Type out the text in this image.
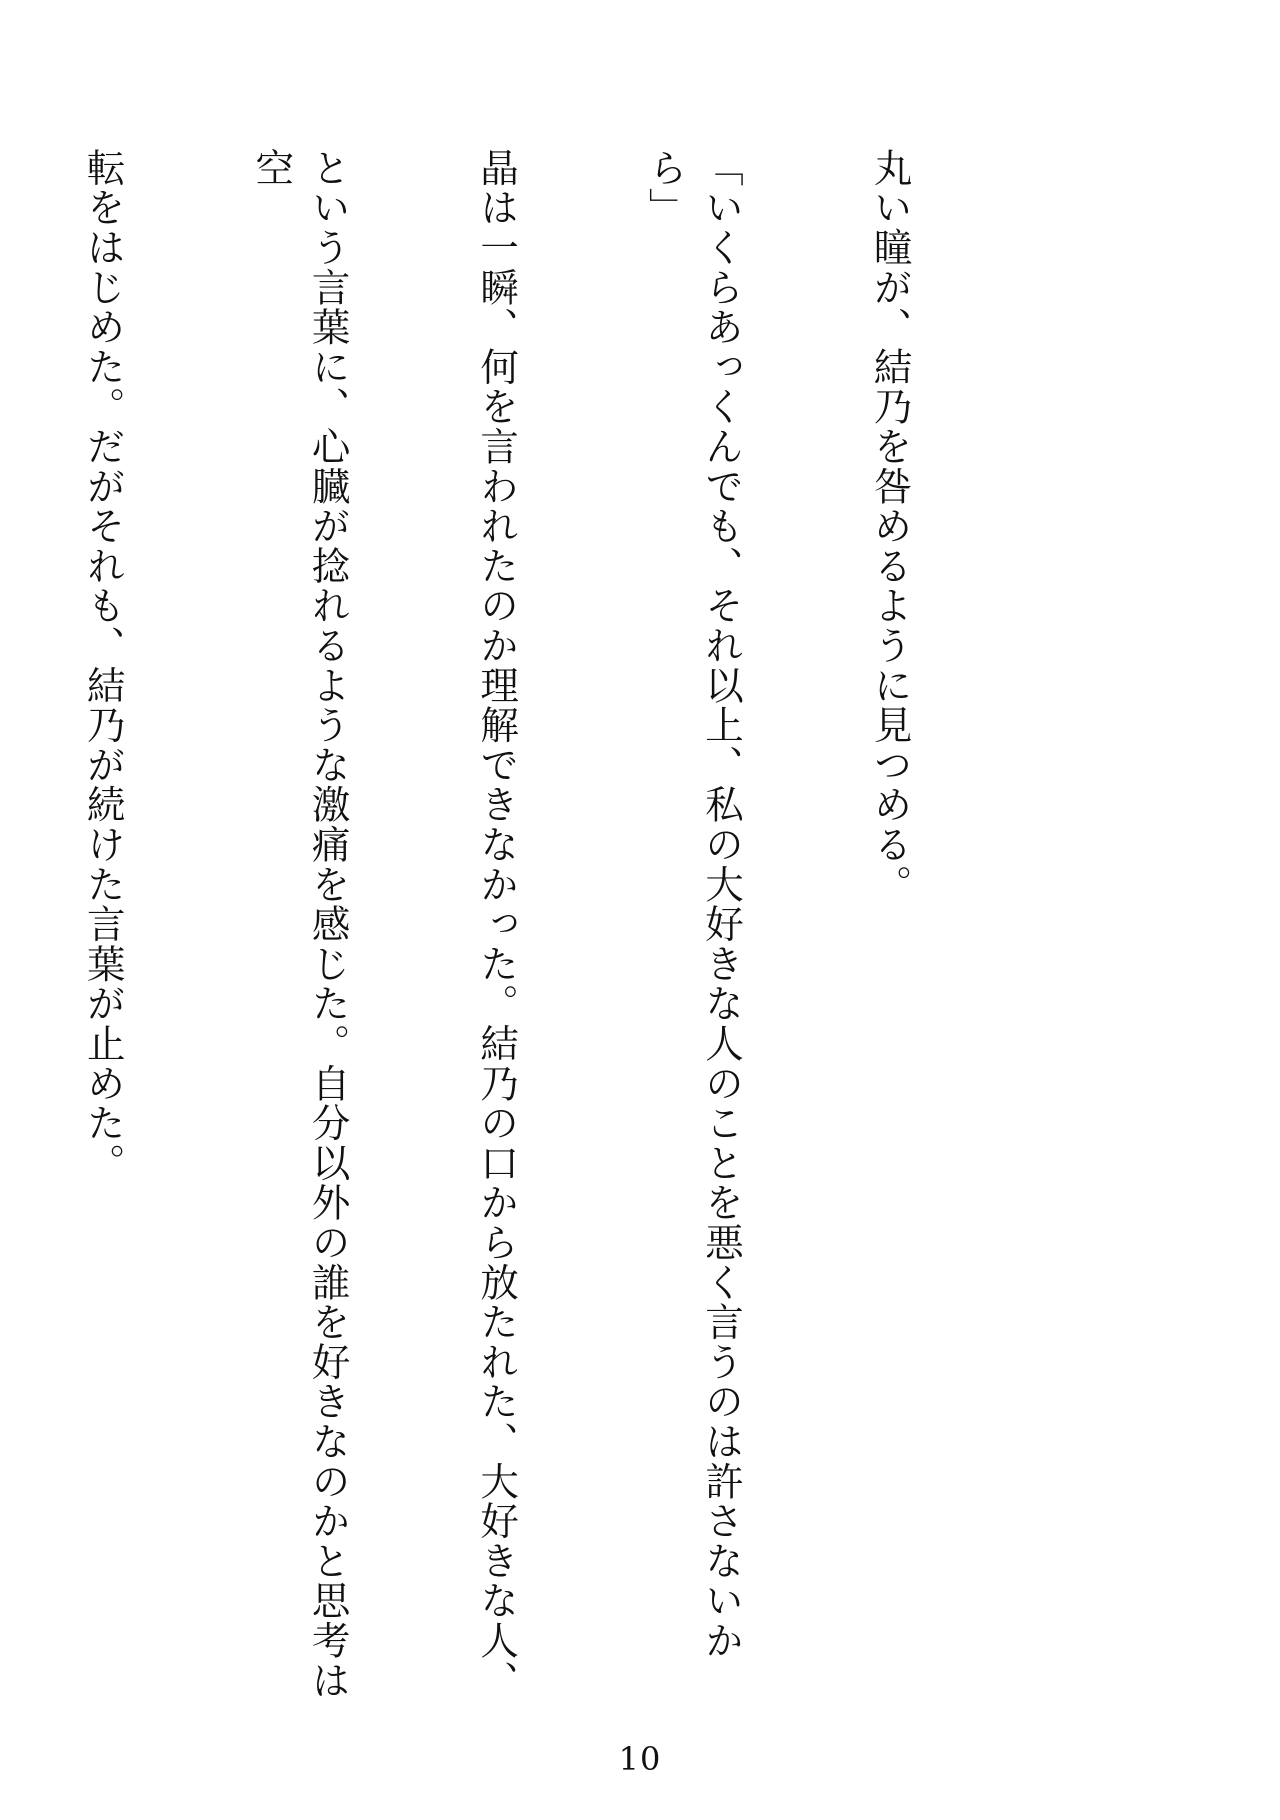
丸い瞳が、結乃を咎めるように見つめる。

「いくらあっくんでも、それ以上、私の大好きな人のことを悪く言うのは許さないから」

晶は一瞬、何を言われたのか理解できなかった。結乃の口から放たれた、大好きな人、

という言葉に、心臓が捻れるような激痛を感じた。自分以外の誰を好きなのかと思考は空

転をはじめた。だがそれも、結乃が続けた言葉が止めた。

10
